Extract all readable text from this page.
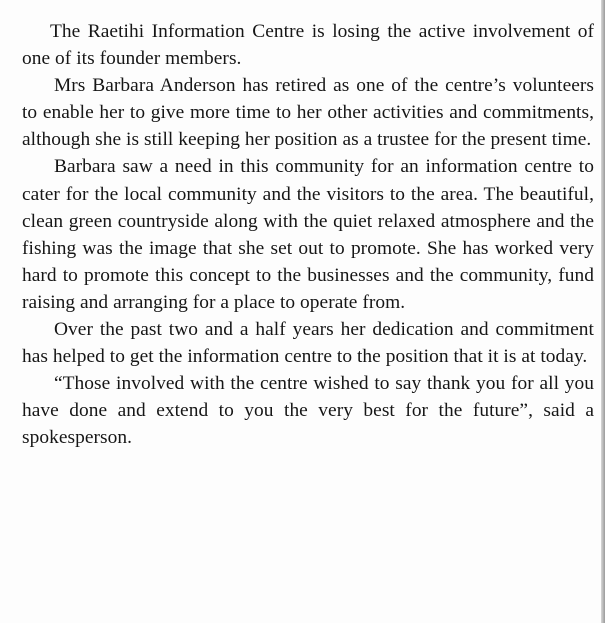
The Raetihi Information Centre is losing the active involvement of one of its founder members.

Mrs Barbara Anderson has retired as one of the centre’s volunteers to enable her to give more time to her other activities and commitments, although she is still keeping her position as a trustee for the present time.

Barbara saw a need in this community for an information centre to cater for the local community and the visitors to the area. The beautiful, clean green countryside along with the quiet relaxed atmosphere and the fishing was the image that she set out to promote. She has worked very hard to promote this concept to the businesses and the community, fund raising and arranging for a place to operate from.

Over the past two and a half years her dedication and commitment has helped to get the information centre to the position that it is at today.

“Those involved with the centre wished to say thank you for all you have done and extend to you the very best for the future”, said a spokesperson.
